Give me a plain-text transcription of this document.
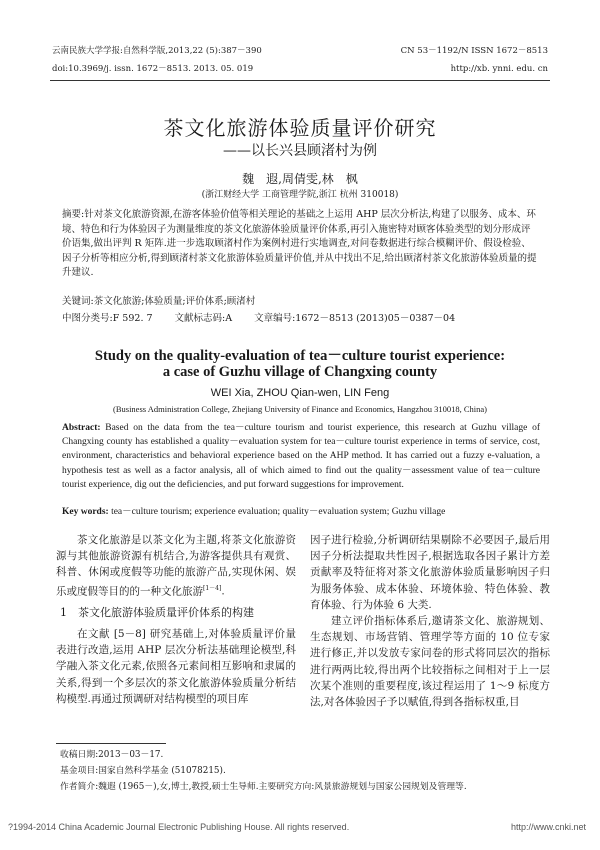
云南民族大学学报:自然科学版,2013,22 (5):387－390
doi:10.3969/j. issn. 1672－8513. 2013. 05. 019
CN 53－1192/N ISSN 1672－8513
http://xb. ynni. edu. cn
茶文化旅游体验质量评价研究
——以长兴县顾渚村为例
魏　遐,周倩雯,林　枫
(浙江财经大学 工商管理学院,浙江 杭州 310018)
摘要:针对茶文化旅游资源,在游客体验价值等相关理论的基础之上运用 AHP 层次分析法,构建了以服务、成本、环境、特色和行为体验因子为测量维度的茶文化旅游体验质量评价体系,再引入施密特对顾客体验类型的划分形成评价语集,做出评判 R 矩阵.进一步选取顾渚村作为案例村进行实地调查,对问卷数据进行综合模糊评价、假设检验、因子分析等相应分析,得到顾渚村茶文化旅游体验质量评价值,并从中找出不足,给出顾渚村茶文化旅游体验质量的提升建议.
关键词:茶文化旅游;体验质量;评价体系;顾渚村
中图分类号:F 592. 7 文献标志码:A 文章编号:1672－8513 (2013)05－0387－04
Study on the quality-evaluation of tea－culture tourist experience:
a case of Guzhu village of Changxing county
WEI Xia, ZHOU Qian-wen, LIN Feng
(Business Administration College, Zhejiang University of Finance and Economics, Hangzhou 310018, China)
Abstract: Based on the data from the tea－culture tourism and tourist experience, this research at Guzhu village of Changxing county has established a quality－evaluation system for tea－culture tourist experience in terms of service, cost, environment, characteristics and behavioral experience based on the AHP method. It has carried out a fuzzy e-valuation, a hypothesis test as well as a factor analysis, all of which aimed to find out the quality－assessment value of tea－culture tourist experience, dig out the deficiencies, and put forward suggestions for improvement.
Key words: tea－culture tourism; experience evaluation; quality－evaluation system; Guzhu village

茶文化旅游是以茶文化为主题,将茶文化旅游资源与其他旅游资源有机结合,为游客提供具有观赏、科普、休闲或度假等功能的旅游产品,实现休闲、娱乐或度假等目的的一种文化旅游[1－4].

1　茶文化旅游体验质量评价体系的构建

在文献 [5－8] 研究基础上,对体验质量评价量表进行改造,运用 AHP 层次分析法基础理论模型,科学融入茶文化元素,依照各元素间相互影响和隶属的关系,得到一个多层次的茶文化旅游体验质量分析结构模型.再通过预调研对结构模型的项目库

因子进行检验,分析调研结果剔除不必要因子,最后用因子分析法提取共性因子,根据选取各因子累计方差贡献率及特征将对茶文化旅游体验质量影响因子归为服务体验、成本体验、环境体验、特色体验、教育体验、行为体验 6 大类.

建立评价指标体系后,邀请茶文化、旅游规划、生态规划、市场营销、管理学等方面的 10 位专家进行修正,并以发放专家问卷的形式将同层次的指标进行两两比较,得出两个比较指标之间相对于上一层次某个准则的重要程度,该过程运用了 1～9 标度方法,对各体验因子予以赋值,得到各指标权重,目

收稿日期:2013－03－17.
基金项目:国家自然科学基金 (51078215).
作者简介:魏遐 (1965－),女,博士,教授,硕士生导师.主要研究方向:风景旅游规划与国家公园规划及管理等.
?1994-2014 China Academic Journal Electronic Publishing House. All rights reserved.	http://www.cnki.net
